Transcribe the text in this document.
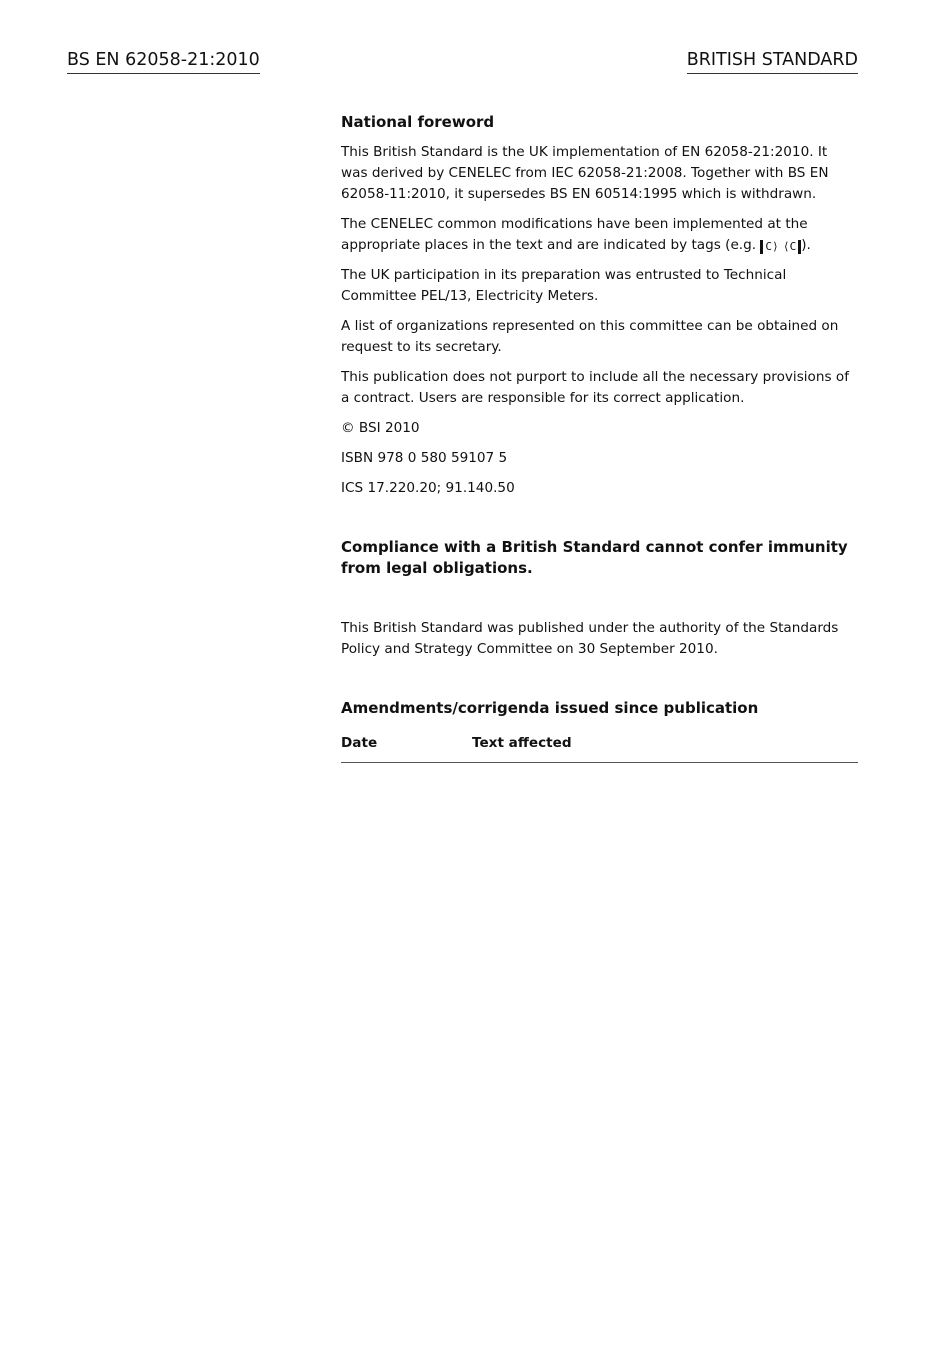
BS EN 62058-21:2010	BRITISH STANDARD

National foreword

This British Standard is the UK implementation of EN 62058-21:2010. It was derived by CENELEC from IEC 62058-21:2008. Together with BS EN 62058-11:2010, it supersedes BS EN 60514:1995 which is withdrawn.

The CENELEC common modifications have been implemented at the appropriate places in the text and are indicated by tags (e.g. C⟩ ⟨C ).

The UK participation in its preparation was entrusted to Technical Committee PEL/13, Electricity Meters.

A list of organizations represented on this committee can be obtained on request to its secretary.

This publication does not purport to include all the necessary provisions of a contract. Users are responsible for its correct application.

© BSI 2010

ISBN 978 0 580 59107 5

ICS 17.220.20; 91.140.50

Compliance with a British Standard cannot confer immunity from legal obligations.

This British Standard was published under the authority of the Standards Policy and Strategy Committee on 30 September 2010.

Amendments/corrigenda issued since publication

Date	Text affected
